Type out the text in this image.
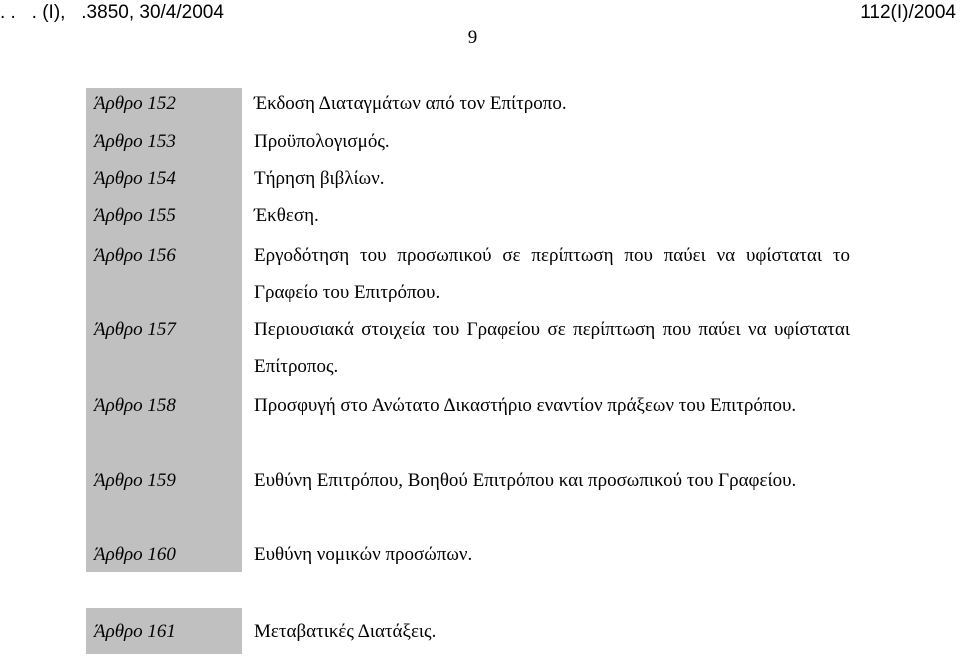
. .   . (I),   .3850, 30/4/2004	112(I)/2004
9
Άρθρο 152	Έκδοση Διαταγμάτων από τον Επίτροπο.
Άρθρο 153	Προϋπολογισμός.
Άρθρο 154	Τήρηση βιβλίων.
Άρθρο 155	Έκθεση.
Άρθρο 156	Εργοδότηση του προσωπικού σε περίπτωση που παύει να υφίσταται το Γραφείο του Επιτρόπου.
Άρθρο 157	Περιουσιακά στοιχεία του Γραφείου σε περίπτωση που παύει να υφίσταται Επίτροπος.
Άρθρο 158	Προσφυγή στο Ανώτατο Δικαστήριο εναντίον πράξεων του Επιτρόπου.
Άρθρο 159	Ευθύνη Επιτρόπου, Βοηθού Επιτρόπου και προσωπικού του Γραφείου.
Άρθρο 160	Ευθύνη νομικών προσώπων.
Άρθρο 161	Μεταβατικές Διατάξεις.
